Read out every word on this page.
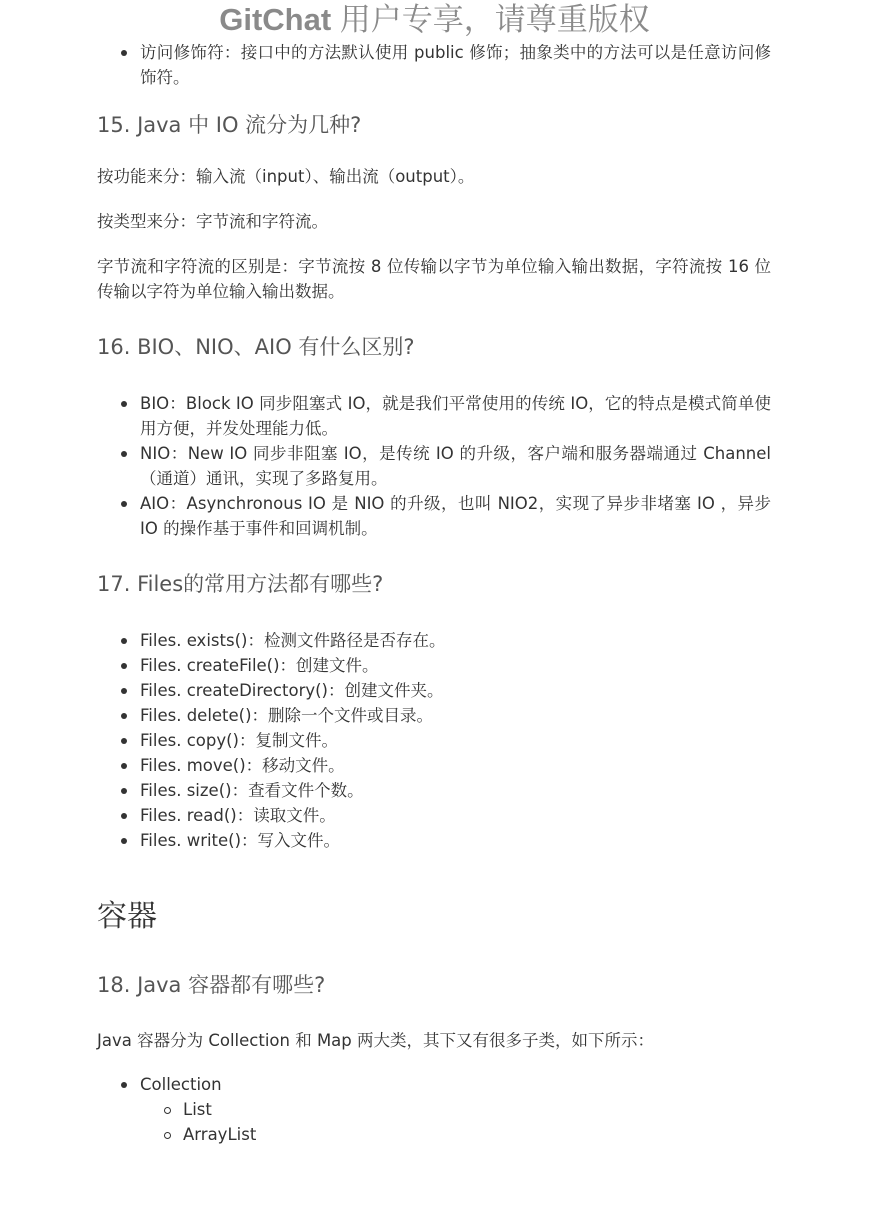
GitChat 用户专享，请尊重版权
访问修饰符：接口中的方法默认使用 public 修饰；抽象类中的方法可以是任意访问修饰符。
15. Java 中 IO 流分为几种?

按功能来分：输入流（input）、输出流（output）。

按类型来分：字节流和字符流。

字节流和字符流的区别是：字节流按 8 位传输以字节为单位输入输出数据，字符流按 16 位传输以字符为单位输入输出数据。

16. BIO、NIO、AIO 有什么区别?
BIO：Block IO 同步阻塞式 IO，就是我们平常使用的传统 IO，它的特点是模式简单使用方便，并发处理能力低。
NIO：New IO 同步非阻塞 IO，是传统 IO 的升级，客户端和服务器端通过 Channel（通道）通讯，实现了多路复用。
AIO：Asynchronous IO 是 NIO 的升级，也叫 NIO2，实现了异步非堵塞 IO ，异步 IO 的操作基于事件和回调机制。
17. Files的常用方法都有哪些?
Files. exists()：检测文件路径是否存在。
Files. createFile()：创建文件。
Files. createDirectory()：创建文件夹。
Files. delete()：删除一个文件或目录。
Files. copy()：复制文件。
Files. move()：移动文件。
Files. size()：查看文件个数。
Files. read()：读取文件。
Files. write()：写入文件。
容器
18. Java 容器都有哪些?

Java 容器分为 Collection 和 Map 两大类，其下又有很多子类，如下所示：

Collection
List
ArrayList
